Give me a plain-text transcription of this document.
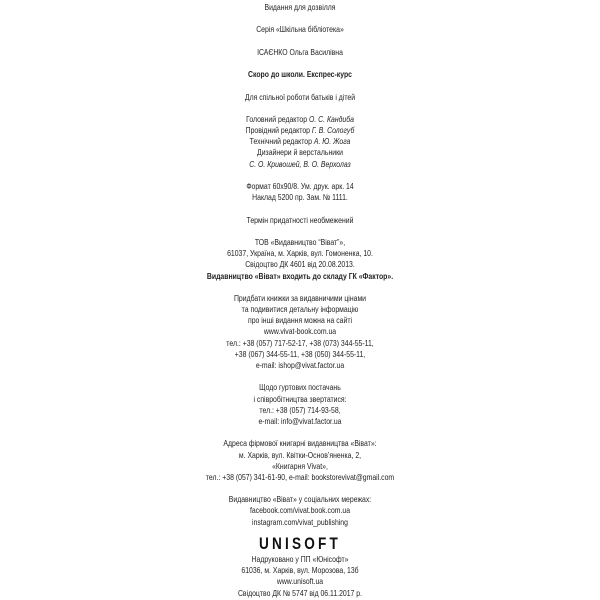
Видання для дозвілля
Серія «Шкільна бібліотека»
ІСАЄНКО Ольга Василівна
Скоро до школи. Експрес-курс
Для спільної роботи батьків і дітей
Головний редактор О. С. Кандиба
Провідний редактор Г. В. Сологуб
Технічний редактор А. Ю. Жога
Дизайнери й верстальники
С. О. Кривошей, В. О. Верхолаз
Формат 60х90/8. Ум. друк. арк. 14
Наклад 5200 пр. Зам. № 1111.
Термін придатності необмежений
ТОВ «Видавництво “Віват”»,
61037, Україна, м. Харків, вул. Гомоненка, 10.
Свідоцтво ДК 4601 від 20.08.2013.
Видавництво «Віват» входить до складу ГК «Фактор».
Придбати книжки за видавничими цінами
та подивитися детальну інформацію
про інші видання можна на сайті
www.vivat-book.com.ua
тел.: +38 (057) 717-52-17, +38 (073) 344-55-11,
+38 (067) 344-55-11, +38 (050) 344-55-11,
e-mail: ishop@vivat.factor.ua
Щодо гуртових постачань
і співробітництва звертатися:
тел.: +38 (057) 714-93-58,
e-mail: info@vivat.factor.ua
Адреса фірмової книгарні видавництва «Віват»:
м. Харків, вул. Квітки-Основ’яненка, 2,
«Книгарня Vivat»,
тел.: +38 (057) 341-61-90, e-mail: bookstorevivat@gmail.com
Видавництво «Віват» у соціальних мережах:
facebook.com/vivat.book.com.ua
instagram.com/vivat_publishing
UNISOFT
Надруковано у ПП «Юнісофт»
61036, м. Харків, вул. Морозова, 13б
www.unisoft.ua
Свідоцтво ДК № 5747 від 06.11.2017 р.
